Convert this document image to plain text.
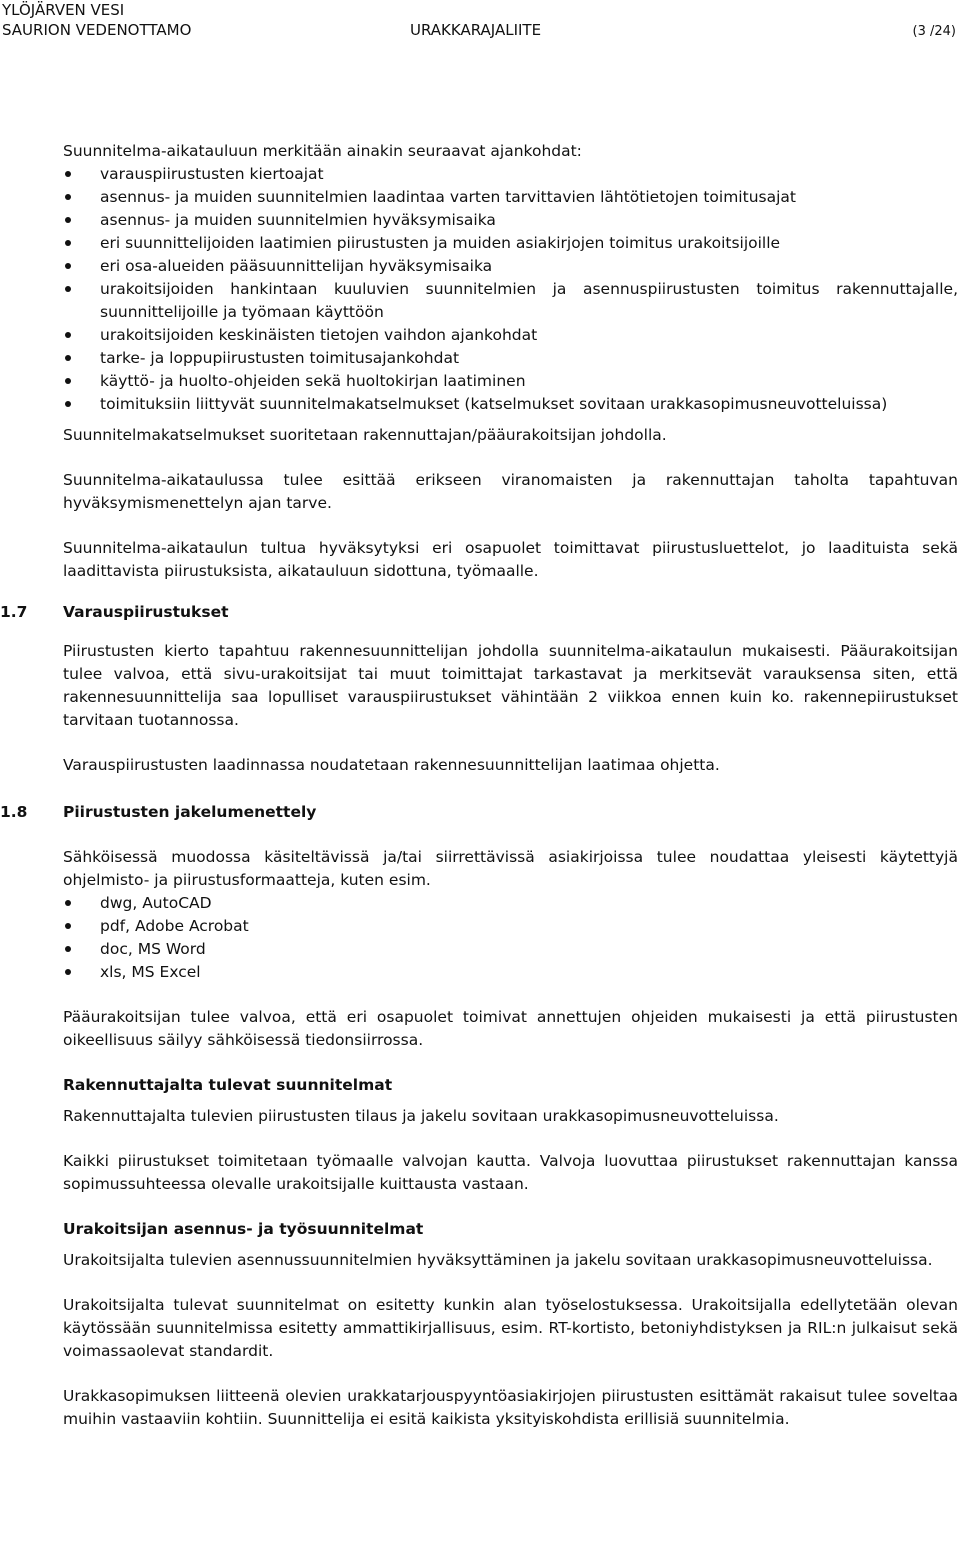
YLÖJÄRVEN VESI
SAURION VEDENOTTAMO	URAKKARAJALIITE	(3 /24)

Suunnitelma-aikatauluun merkitään ainakin seuraavat ajankohdat:

varauspiirustusten kiertoajat
asennus- ja muiden suunnitelmien laadintaa varten tarvittavien lähtötietojen toimitusajat
asennus- ja muiden suunnitelmien hyväksymisaika
eri suunnittelijoiden laatimien piirustusten ja muiden asiakirjojen toimitus urakoitsijoille
eri osa-alueiden pääsuunnittelijan hyväksymisaika
urakoitsijoiden hankintaan kuuluvien suunnitelmien ja asennuspiirustusten toimitus rakennuttajalle, suunnittelijoille ja työmaan käyttöön
urakoitsijoiden keskinäisten tietojen vaihdon ajankohdat
tarke- ja loppupiirustusten toimitusajankohdat
käyttö- ja huolto-ohjeiden sekä huoltokirjan laatiminen
toimituksiin liittyvät suunnitelmakatselmukset (katselmukset sovitaan urakkasopimusneuvotteluissa)

Suunnitelmakatselmukset suoritetaan rakennuttajan/pääurakoitsijan johdolla.

Suunnitelma-aikataulussa tulee esittää erikseen viranomaisten ja rakennuttajan taholta tapahtuvan hyväksymismenettelyn ajan tarve.

Suunnitelma-aikataulun tultua hyväksytyksi eri osapuolet toimittavat piirustusluettelot, jo laadituista sekä laadittavista piirustuksista, aikatauluun sidottuna, työmaalle.

1.7 Varauspiirustukset

Piirustusten kierto tapahtuu rakennesuunnittelijan johdolla suunnitelma-aikataulun mukaisesti. Pääurakoitsijan tulee valvoa, että sivu-urakoitsijat tai muut toimittajat tarkastavat ja merkitsevät varauksensa siten, että rakennesuunnittelija saa lopulliset varauspiirustukset vähintään 2 viikkoa ennen kuin ko. rakennepiirustukset tarvitaan tuotannossa.

Varauspiirustusten laadinnassa noudatetaan rakennesuunnittelijan laatimaa ohjetta.

1.8 Piirustusten jakelumenettely

Sähköisessä muodossa käsiteltävissä ja/tai siirrettävissä asiakirjoissa tulee noudattaa yleisesti käytettyjä ohjelmisto- ja piirustusformaatteja, kuten esim.

dwg, AutoCAD
pdf, Adobe Acrobat
doc, MS Word
xls, MS Excel

Pääurakoitsijan tulee valvoa, että eri osapuolet toimivat annettujen ohjeiden mukaisesti ja että piirustusten oikeellisuus säilyy sähköisessä tiedonsiirrossa.

Rakennuttajalta tulevat suunnitelmat

Rakennuttajalta tulevien piirustusten tilaus ja jakelu sovitaan urakkasopimusneuvotteluissa.

Kaikki piirustukset toimitetaan työmaalle valvojan kautta. Valvoja luovuttaa piirustukset rakennuttajan kanssa sopimussuhteessa olevalle urakoitsijalle kuittausta vastaan.

Urakoitsijan asennus- ja työsuunnitelmat

Urakoitsijalta tulevien asennussuunnitelmien hyväksyttäminen ja jakelu sovitaan urakkasopimusneuvotteluissa.

Urakoitsijalta tulevat suunnitelmat on esitetty kunkin alan työselostuksessa. Urakoitsijalla edellytetään olevan käytössään suunnitelmissa esitetty ammattikirjallisuus, esim. RT-kortisto, betoniyhdistyksen ja RIL:n julkaisut sekä voimassaolevat standardit.

Urakkasopimuksen liitteenä olevien urakkatarjouspyyntöasiakirjojen piirustusten esittämät rakaisut tulee soveltaa muihin vastaaviin kohtiin. Suunnittelija ei esitä kaikista yksityiskohdista erillisiä suunnitelmia.
